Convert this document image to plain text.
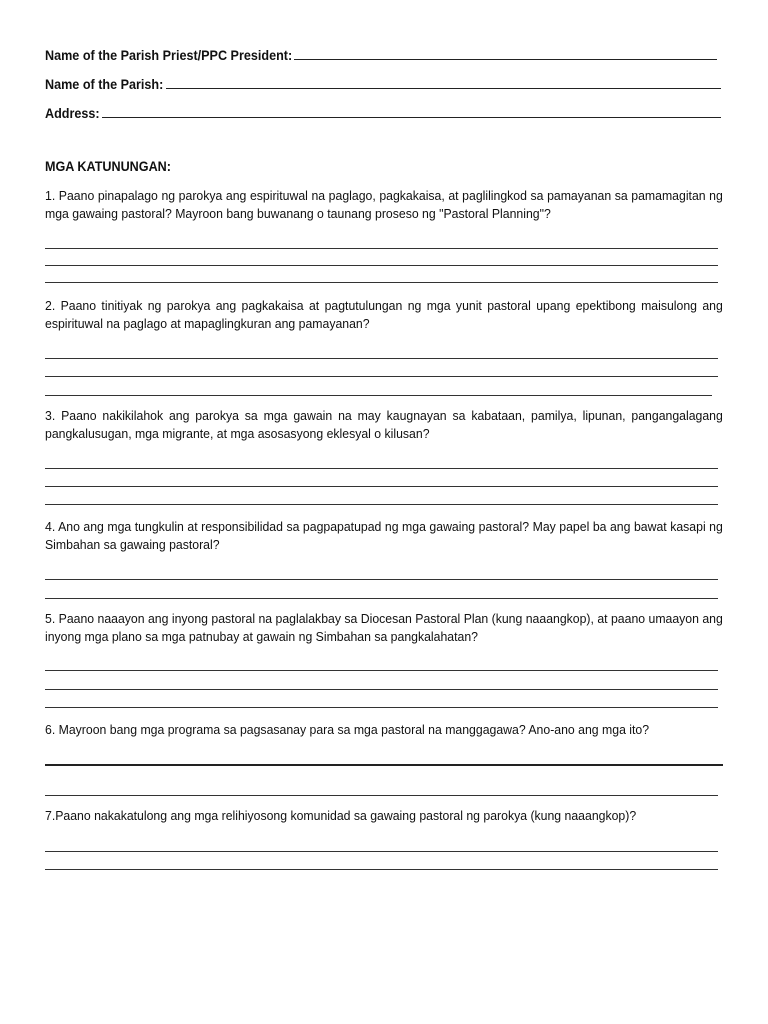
Name of the Parish Priest/PPC President:
Name of the Parish:
Address:
MGA KATUNUNGAN:
1. Paano pinapalago ng parokya ang espirituwal na paglago, pagkakaisa, at paglilingkod sa pamayanan sa pamamagitan ng mga gawaing pastoral? Mayroon bang buwanang o taunang proseso ng "Pastoral Planning"?
2. Paano tinitiyak ng parokya ang pagkakaisa at pagtutulungan ng mga yunit pastoral upang epektibong maisulong ang espirituwal na paglago at mapaglingkuran ang pamayanan?
3. Paano nakikilahok ang parokya sa mga gawain na may kaugnayan sa kabataan, pamilya, lipunan, pangangalagang pangkalusugan, mga migrante, at mga asosasyong eklesyal o kilusan?
4. Ano ang mga tungkulin at responsibilidad sa pagpapatupad ng mga gawaing pastoral? May papel ba ang bawat kasapi ng Simbahan sa gawaing pastoral?
5. Paano naaayon ang inyong pastoral na paglalakbay sa Diocesan Pastoral Plan (kung naaangkop), at paano umaayon ang inyong mga plano sa mga patnubay at gawain ng Simbahan sa pangkalahatan?
6. Mayroon bang mga programa sa pagsasanay para sa mga pastoral na manggagawa? Ano-ano ang mga ito?
7.Paano nakakatulong ang mga relihiyosong komunidad sa gawaing pastoral ng parokya (kung naaangkop)?
